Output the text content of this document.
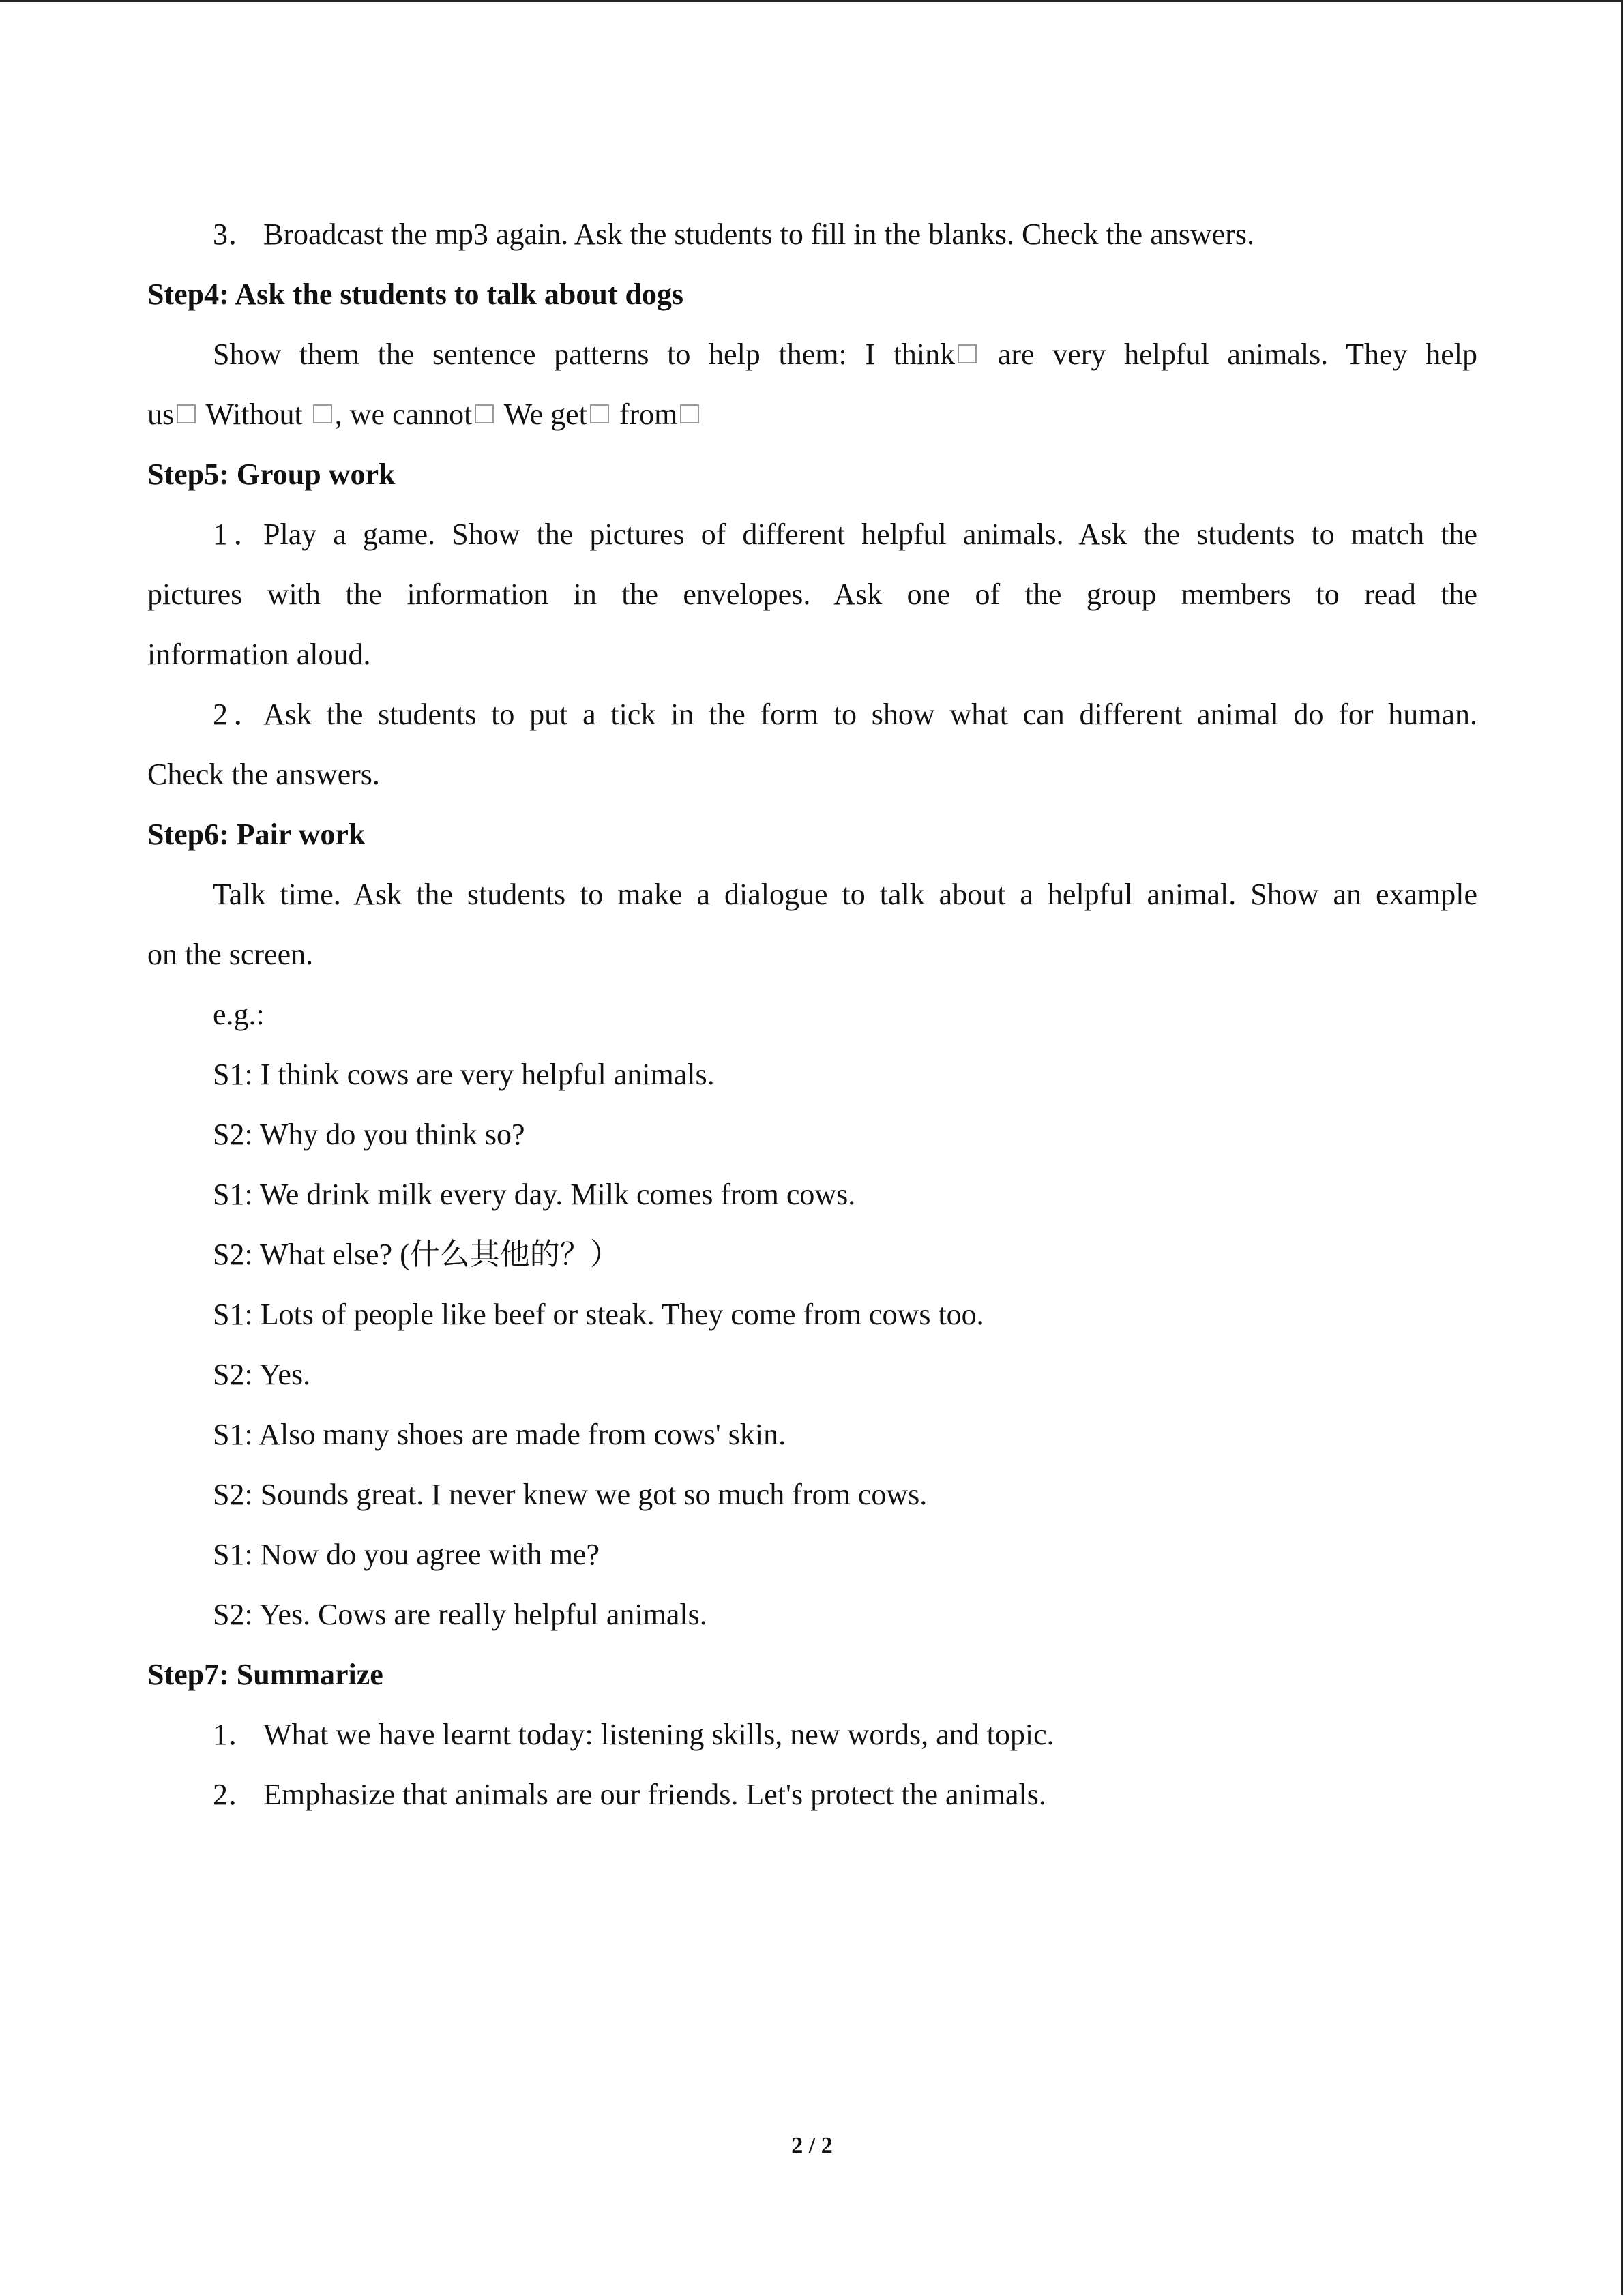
3． Broadcast the mp3 again. Ask the students to fill in the blanks. Check the answers.
Step4: Ask the students to talk about dogs
Show them the sentence patterns to help them: I think are very helpful animals. They help
us Without , we cannot We get from
Step5: Group work
1．Play a game. Show the pictures of different helpful animals. Ask the students to match the
pictures with the information in the envelopes. Ask one of the group members to read the
information aloud.
2．Ask the students to put a tick in the form to show what can different animal do for human.
Check the answers.
Step6: Pair work
Talk time. Ask the students to make a dialogue to talk about a helpful animal. Show an example
on the screen.
e.g.:
S1: I think cows are very helpful animals.
S2: Why do you think so?
S1: We drink milk every day. Milk comes from cows.
S2: What else? (什么其他的？）
S1: Lots of people like beef or steak. They come from cows too.
S2: Yes.
S1: Also many shoes are made from cows' skin.
S2: Sounds great. I never knew we got so much from cows.
S1: Now do you agree with me?
S2: Yes. Cows are really helpful animals.
Step7: Summarize
1． What we have learnt today: listening skills, new words, and topic.
2． Emphasize that animals are our friends. Let's protect the animals.
2 / 2
